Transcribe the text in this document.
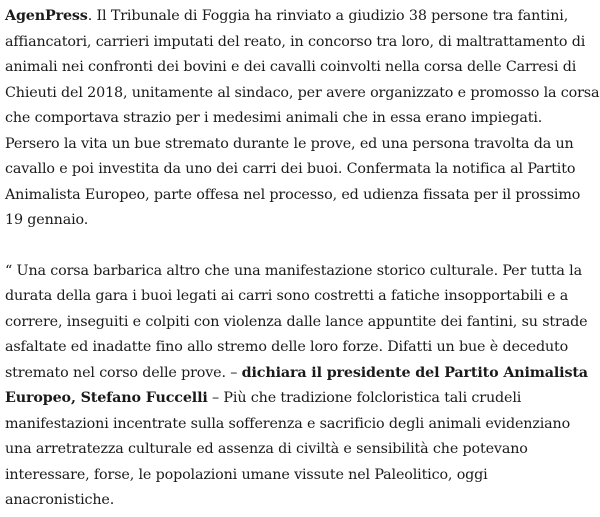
AgenPress. Il Tribunale di Foggia ha rinviato a giudizio 38 persone tra fantini, affiancatori, carrieri imputati del reato, in concorso tra loro, di maltrattamento di animali nei confronti dei bovini e dei cavalli coinvolti nella corsa delle Carresi di Chieuti del 2018, unitamente al sindaco, per avere organizzato e promosso la corsa che comportava strazio per i medesimi animali che in essa erano impiegati. Persero la vita un bue stremato durante le prove, ed una persona travolta da un cavallo e poi investita da uno dei carri dei buoi. Confermata la notifica al Partito Animalista Europeo, parte offesa nel processo, ed udienza fissata per il prossimo 19 gennaio.

“ Una corsa barbarica altro che una manifestazione storico culturale. Per tutta la durata della gara i buoi legati ai carri sono costretti a fatiche insopportabili e a correre, inseguiti e colpiti con violenza dalle lance appuntite dei fantini, su strade asfaltate ed inadatte fino allo stremo delle loro forze. Difatti un bue è deceduto stremato nel corso delle prove. – dichiara il presidente del Partito Animalista Europeo, Stefano Fuccelli – Più che tradizione folcloristica tali crudeli manifestazioni incentrate sulla sofferenza e sacrificio degli animali evidenziano una arretratezza culturale ed assenza di civiltà e sensibilità che potevano interessare, forse, le popolazioni umane vissute nel Paleolitico, oggi anacronistiche.
